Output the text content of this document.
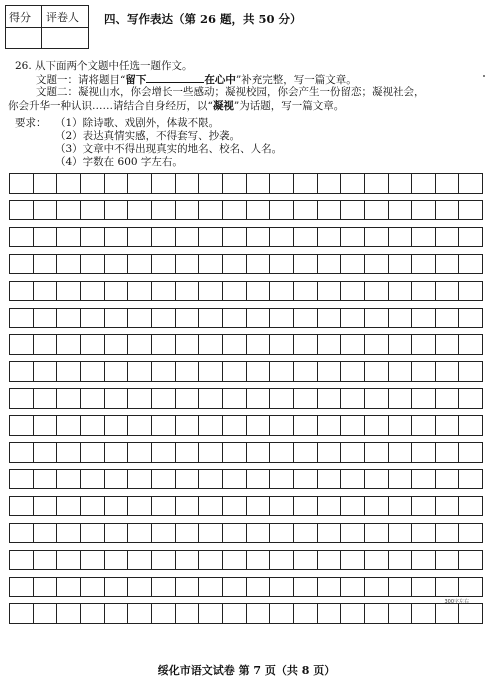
得分 评卷人 四、写作表达（第 26 题，共 50 分）
26. 从下面两个文题中任选一题作文。
文题一：请将题目“留下	在心中”补充完整，写一篇文章。
文题二：凝视山水，你会增长一些感动；凝视校园，你会产生一份留恋；凝视社会，
你会升华一种认识……请结合自身经历，以“凝视”为话题，写一篇文章。
要求： （1）除诗歌、戏剧外，体裁不限。
（2）表达真情实感，不得套写、抄袭。
（3）文章中不得出现真实的地名、校名、人名。
（4）字数在 600 字左右。
300字左右
绥化市语文试卷 第 7 页（共 8 页）
